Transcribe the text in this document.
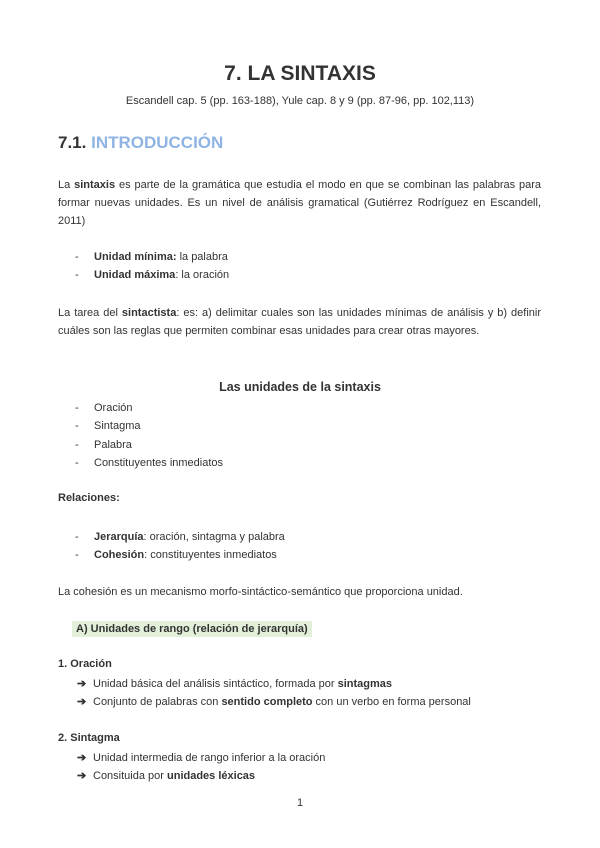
7. LA SINTAXIS
Escandell cap. 5 (pp. 163-188), Yule cap. 8 y 9 (pp. 87-96, pp. 102,113)
7.1. INTRODUCCIÓN
La sintaxis es parte de la gramática que estudia el modo en que se combinan las palabras para formar nuevas unidades. Es un nivel de análisis gramatical (Gutiérrez Rodríguez en Escandell, 2011)
- Unidad mínima: la palabra
- Unidad máxima: la oración
La tarea del sintactista: es: a) delimitar cuales son las unidades mínimas de análisis y b) definir cuáles son las reglas que permiten combinar esas unidades para crear otras mayores.
Las unidades de la sintaxis
- Oración
- Sintagma
- Palabra
- Constituyentes inmediatos
Relaciones:
- Jerarquía: oración, sintagma y palabra
- Cohesión: constituyentes inmediatos
La cohesión es un mecanismo morfo-sintáctico-semántico que proporciona unidad.
A) Unidades de rango (relación de jerarquía)
1. Oración
➔ Unidad básica del análisis sintáctico, formada por sintagmas
➔ Conjunto de palabras con sentido completo con un verbo en forma personal
2. Sintagma
➔ Unidad intermedia de rango inferior a la oración
➔ Consituida por unidades léxicas
1
